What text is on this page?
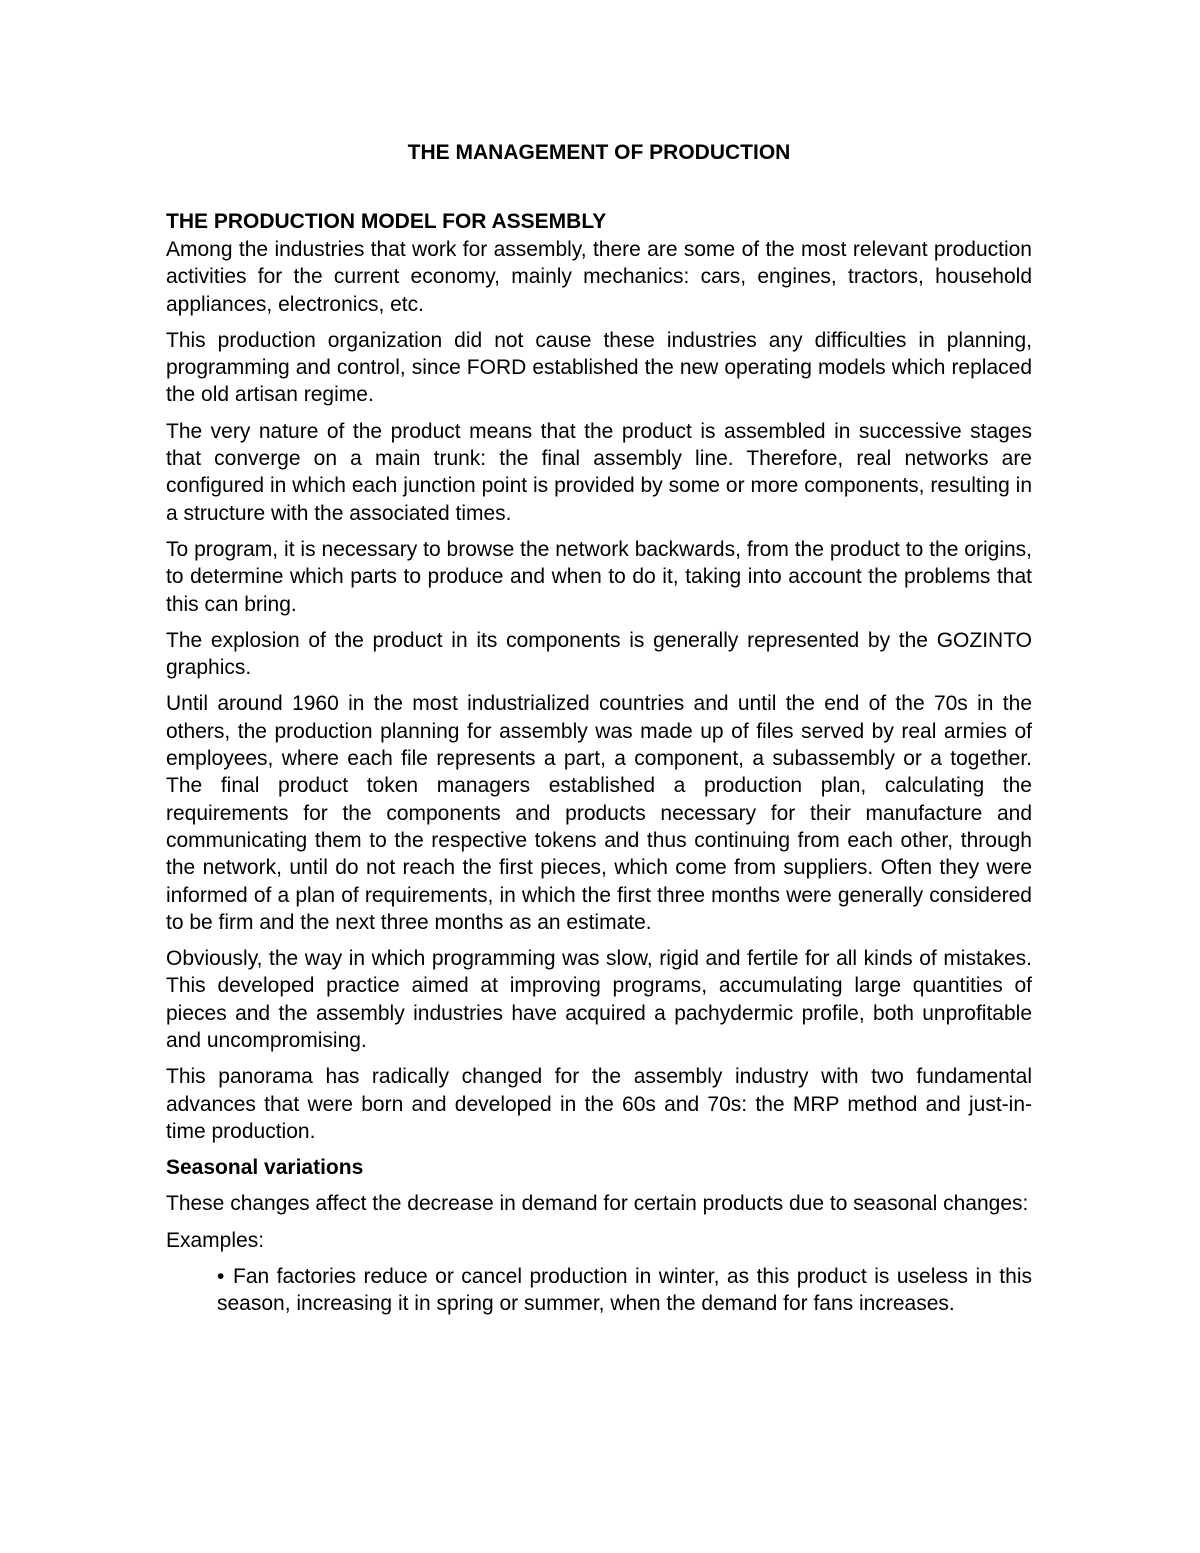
THE MANAGEMENT OF PRODUCTION
THE PRODUCTION MODEL FOR ASSEMBLY

Among the industries that work for assembly, there are some of the most relevant production activities for the current economy, mainly mechanics: cars, engines, tractors, household appliances, electronics, etc.

This production organization did not cause these industries any difficulties in planning, programming and control, since FORD established the new operating models which replaced the old artisan regime.

The very nature of the product means that the product is assembled in successive stages that converge on a main trunk: the final assembly line. Therefore, real networks are configured in which each junction point is provided by some or more components, resulting in a structure with the associated times.

To program, it is necessary to browse the network backwards, from the product to the origins, to determine which parts to produce and when to do it, taking into account the problems that this can bring.

The explosion of the product in its components is generally represented by the GOZINTO graphics.

Until around 1960 in the most industrialized countries and until the end of the 70s in the others, the production planning for assembly was made up of files served by real armies of employees, where each file represents a part, a component, a subassembly or a together. The final product token managers established a production plan, calculating the requirements for the components and products necessary for their manufacture and communicating them to the respective tokens and thus continuing from each other, through the network, until do not reach the first pieces, which come from suppliers. Often they were informed of a plan of requirements, in which the first three months were generally considered to be firm and the next three months as an estimate.

Obviously, the way in which programming was slow, rigid and fertile for all kinds of mistakes. This developed practice aimed at improving programs, accumulating large quantities of pieces and the assembly industries have acquired a pachydermic profile, both unprofitable and uncompromising.

This panorama has radically changed for the assembly industry with two fundamental advances that were born and developed in the 60s and 70s: the MRP method and just-in-time production.

Seasonal variations

These changes affect the decrease in demand for certain products due to seasonal changes:

Examples:
• Fan factories reduce or cancel production in winter, as this product is useless in this season, increasing it in spring or summer, when the demand for fans increases.
